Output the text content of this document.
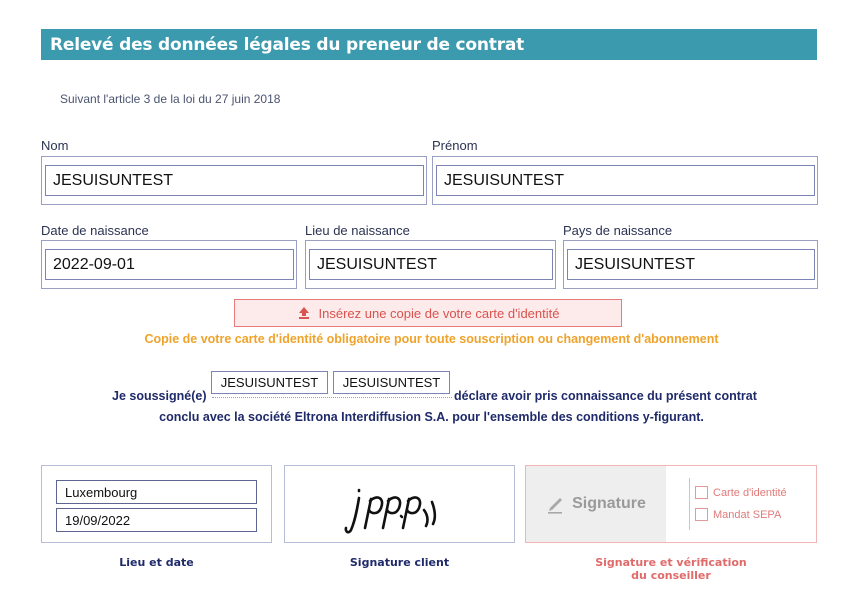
Relevé des données légales du preneur de contrat
Suivant l'article 3 de la loi du 27 juin 2018
Nom
JESUISUNTEST
Prénom
JESUISUNTEST
Date de naissance
2022-09-01
Lieu de naissance
JESUISUNTEST
Pays de naissance
JESUISUNTEST
Insérez une copie de votre carte d'identité
Copie de votre carte d'identité obligatoire pour toute souscription ou changement d'abonnement
Je soussigné(e)
JESUISUNTEST	JESUISUNTEST
déclare avoir pris connaissance du présent contrat
conclu avec la société Eltrona Interdiffusion S.A. pour l'ensemble des conditions y-figurant.
Luxembourg
19/09/2022
Signature
Carte d'identité
Mandat SEPA
Lieu et date	Signature client	Signature et vérification
du conseiller
